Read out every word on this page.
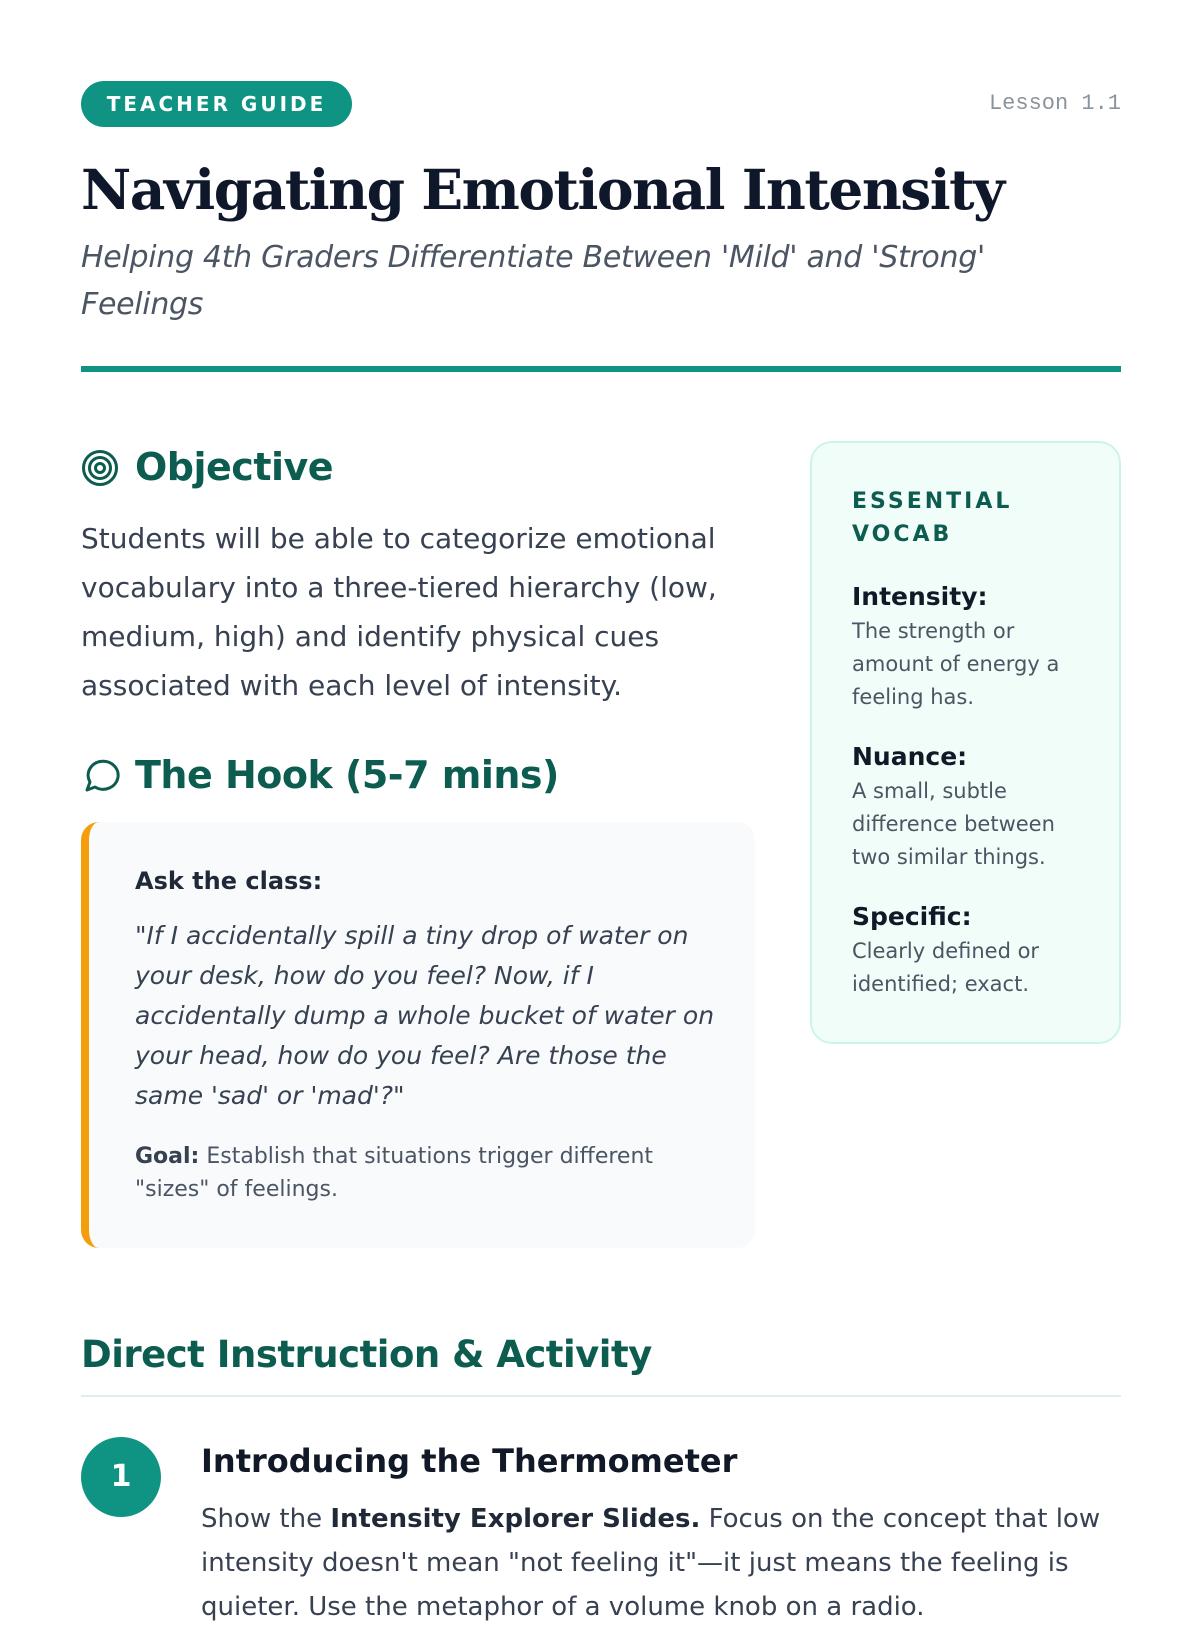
TEACHER GUIDE	Lesson 1.1
Navigating Emotional Intensity
Helping 4th Graders Differentiate Between 'Mild' and 'Strong' Feelings
Objective

Students will be able to categorize emotional vocabulary into a three-tiered hierarchy (low, medium, high) and identify physical cues associated with each level of intensity.

The Hook (5-7 mins)
Ask the class:
"If I accidentally spill a tiny drop of water on your desk, how do you feel? Now, if I accidentally dump a whole bucket of water on your head, how do you feel? Are those the same 'sad' or 'mad'?"
Goal: Establish that situations trigger different "sizes" of feelings.
ESSENTIAL VOCAB
Intensity:
The strength or amount of energy a feeling has.
Nuance:
A small, subtle difference between two similar things.
Specific:
Clearly defined or identified; exact.
Direct Instruction & Activity
1	Introducing the Thermometer

Show the Intensity Explorer Slides. Focus on the concept that low intensity doesn't mean "not feeling it"—it just means the feeling is quieter. Use the metaphor of a volume knob on a radio.
